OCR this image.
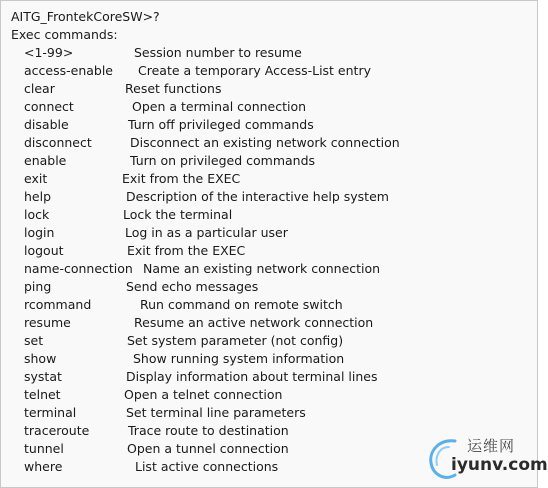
AITG_FrontekCoreSW>?
Exec commands:
<1-99>	Session number to resume
access-enable Create a temporary Access-List entry
clear	Reset functions
connect	Open a terminal connection
disable	Turn off privileged commands
disconnect	Disconnect an existing network connection
enable	Turn on privileged commands
exit	Exit from the EXEC
help	Description of the interactive help system
lock	Lock the terminal
login	Log in as a particular user
logout	Exit from the EXEC
name-connection Name an existing network connection
ping	Send echo messages
rcommand	Run command on remote switch
resume	Resume an active network connection
set	Set system parameter (not config)
show	Show running system information
systat	Display information about terminal lines
telnet	Open a telnet connection
terminal	Set terminal line parameters
traceroute	Trace route to destination
tunnel	Open a tunnel connection
where	List active connections
运维网
iyunv.com
